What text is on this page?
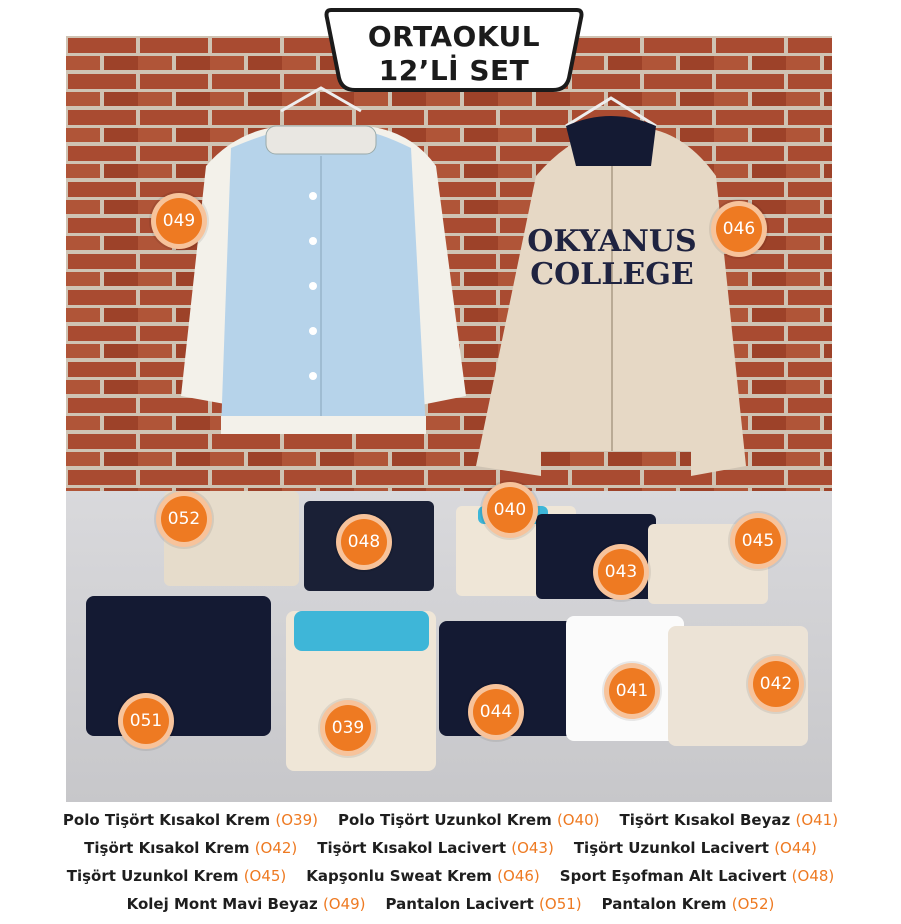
ORTAOKUL
12’Lİ SET
OKYANUS
COLLEGE
049	046
052
048
040
043
045
051	039
044
041	042
Polo Tişört Kısakol Krem (O39) Polo Tişört Uzunkol Krem (O40) Tişört Kısakol Beyaz (O41)
Tişört Kısakol Krem (O42) Tişört Kısakol Lacivert (O43) Tişört Uzunkol Lacivert (O44)
Tişört Uzunkol Krem (O45) Kapşonlu Sweat Krem (O46) Sport Eşofman Alt Lacivert (O48)
Kolej Mont Mavi Beyaz (O49) Pantalon Lacivert (O51) Pantalon Krem (O52)
